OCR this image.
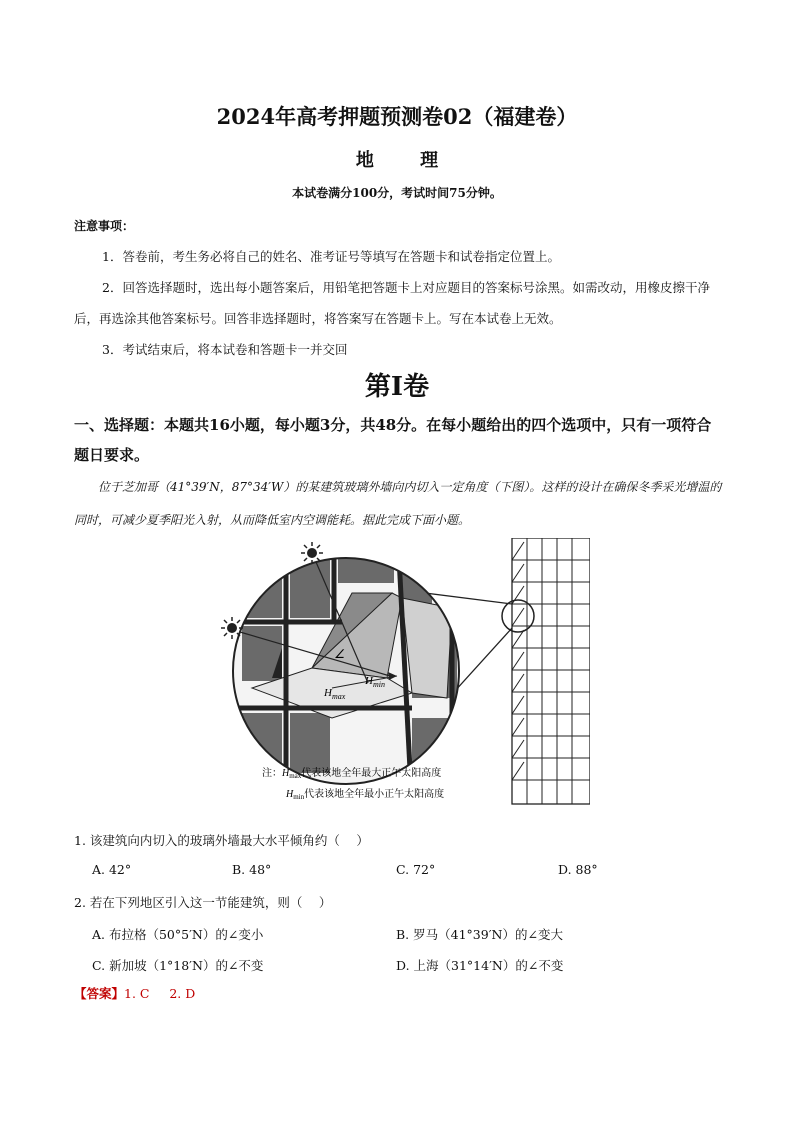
2024年高考押题预测卷02（福建卷）
地 理
本试卷满分100分，考试时间75分钟。
注意事项：

1．答卷前，考生务必将自己的姓名、准考证号等填写在答题卡和试卷指定位置上。

2．回答选择题时，选出每小题答案后，用铅笔把答题卡上对应题目的答案标号涂黑。如需改动，用橡皮擦干净后，再选涂其他答案标号。回答非选择题时，将答案写在答题卡上。写在本试卷上无效。

3．考试结束后，将本试卷和答题卡一并交回

第Ⅰ卷
一、选择题：本题共16小题，每小题3分，共48分。在每小题给出的四个选项中，只有一项符合题日要求。
位于芝加哥（41°39′N，87°34′W）的某建筑玻璃外墙向内切入一定角度（下图）。这样的设计在确保冬季采光增温的同时，可减少夏季阳光入射，从而降低室内空调能耗。据此完成下面小题。
∠
$H_{min}$
$H_{max}$
注：$H_{max}$代表该地全年最大正午太阳高度
$H_{min}$代表该地全年最小正午太阳高度
1. 该建筑向内切入的玻璃外墙最大水平倾角约（　 ）
A. 42°	B. 48°	C. 72°	D. 88°
2. 若在下列地区引入这一节能建筑，则（　 ）
A. 布拉格（50°5′N）的∠变小	B. 罗马（41°39′N）的∠变大
C. 新加坡（1°18′N）的∠不变	D. 上海（31°14′N）的∠不变
【答案】1. C 2. D
